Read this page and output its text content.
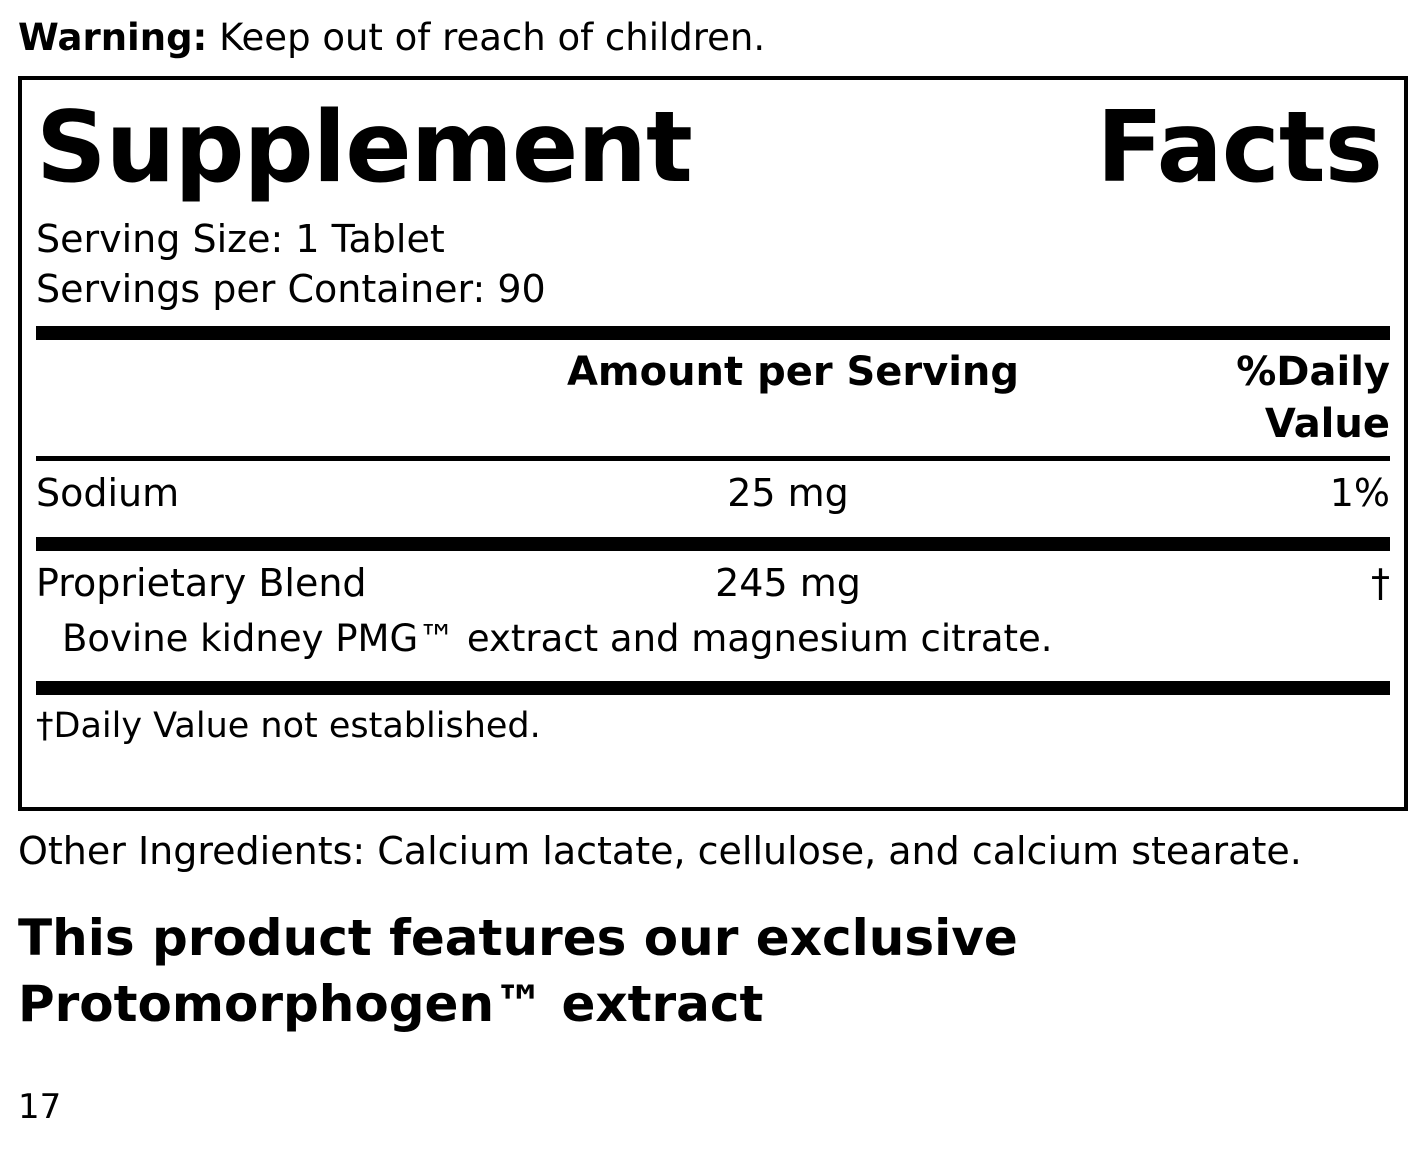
Warning: Keep out of reach of children.
Supplement	Facts
Serving Size: 1 Tablet
Servings per Container: 90
Amount per Serving	%Daily Value
Sodium	25 mg	1%
Proprietary Blend	245 mg	†
Bovine kidney PMG™ extract and magnesium citrate.
†Daily Value not established.
Other Ingredients: Calcium lactate, cellulose, and calcium stearate.
This product features our exclusive Protomorphogen™ extract
17
